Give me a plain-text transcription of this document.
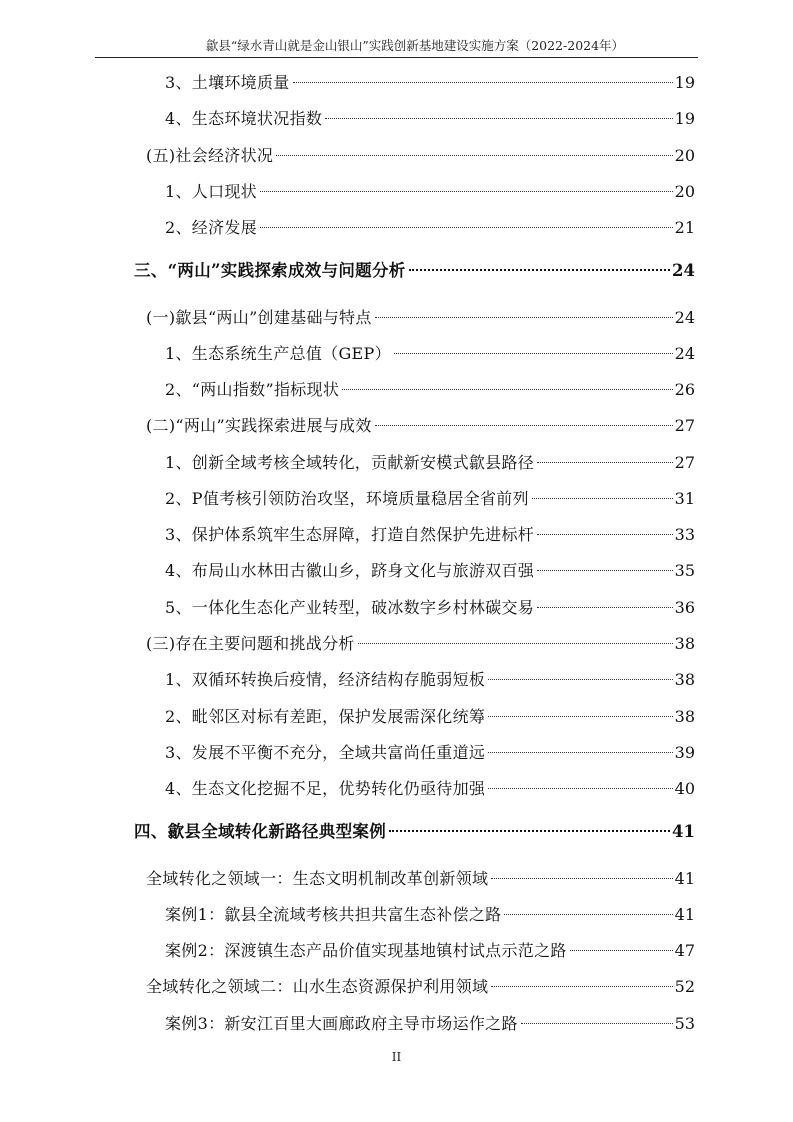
歙县“绿水青山就是金山银山”实践创新基地建设实施方案（2022-2024年）
3、土壤环境质量	19
4、生态环境状况指数	19
(五)社会经济状况	20
1、人口现状	20
2、经济发展	21
三、“两山”实践探索成效与问题分析	24
(一)歙县“两山”创建基础与特点	24
1、生态系统生产总值（GEP）	24
2、“两山指数”指标现状	26
(二)“两山”实践探索进展与成效	27
1、创新全域考核全域转化，贡献新安模式歙县路径	27
2、P值考核引领防治攻坚，环境质量稳居全省前列	31
3、保护体系筑牢生态屏障，打造自然保护先进标杆	33
4、布局山水林田古徽山乡，跻身文化与旅游双百强	35
5、一体化生态化产业转型，破冰数字乡村林碳交易	36
(三)存在主要问题和挑战分析	38
1、双循环转换后疫情，经济结构存脆弱短板	38
2、毗邻区对标有差距，保护发展需深化统筹	38
3、发展不平衡不充分，全域共富尚任重道远	39
4、生态文化挖掘不足，优势转化仍亟待加强	40
四、歙县全域转化新路径典型案例	41
全域转化之领域一：生态文明机制改革创新领域	41
案例1：歙县全流域考核共担共富生态补偿之路	41
案例2：深渡镇生态产品价值实现基地镇村试点示范之路	47
全域转化之领域二：山水生态资源保护利用领域	52
案例3：新安江百里大画廊政府主导市场运作之路	53
II
